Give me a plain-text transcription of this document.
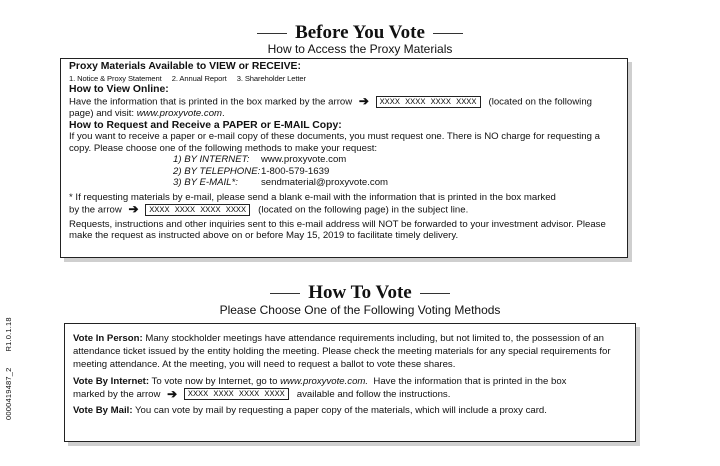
Before You Vote
How to Access the Proxy Materials

Proxy Materials Available to VIEW or RECEIVE:

1. Notice & Proxy Statement 2. Annual Report 3. Shareholder Letter

How to View Online:

Have the information that is printed in the box marked by the arrow ➔ XXXX XXXX XXXX XXXX (located on the following page) and visit: www.proxyvote.com.

How to Request and Receive a PAPER or E-MAIL Copy:

If you want to receive a paper or e-mail copy of these documents, you must request one. There is NO charge for requesting a copy. Please choose one of the following methods to make your request:

1) BY INTERNET:	www.proxyvote.com
2) BY TELEPHONE: 1-800-579-1639
3) BY E-MAIL*:	sendmaterial@proxyvote.com

* If requesting materials by e-mail, please send a blank e-mail with the information that is printed in the box marked

by the arrow ➔ XXXX XXXX XXXX XXXX (located on the following page) in the subject line.

Requests, instructions and other inquiries sent to this e-mail address will NOT be forwarded to your investment advisor. Please make the request as instructed above on or before May 15, 2019 to facilitate timely delivery.

How To Vote
Please Choose One of the Following Voting Methods

Vote In Person: Many stockholder meetings have attendance requirements including, but not limited to, the possession of an attendance ticket issued by the entity holding the meeting. Please check the meeting materials for any special requirements for meeting attendance. At the meeting, you will need to request a ballot to vote these shares.

Vote By Internet: To vote now by Internet, go to www.proxyvote.com. Have the information that is printed in the box

marked by the arrow ➔ XXXX XXXX XXXX XXXX available and follow the instructions.

Vote By Mail: You can vote by mail by requesting a paper copy of the materials, which will include a proxy card.

0000419487_2R1.0.1.18
